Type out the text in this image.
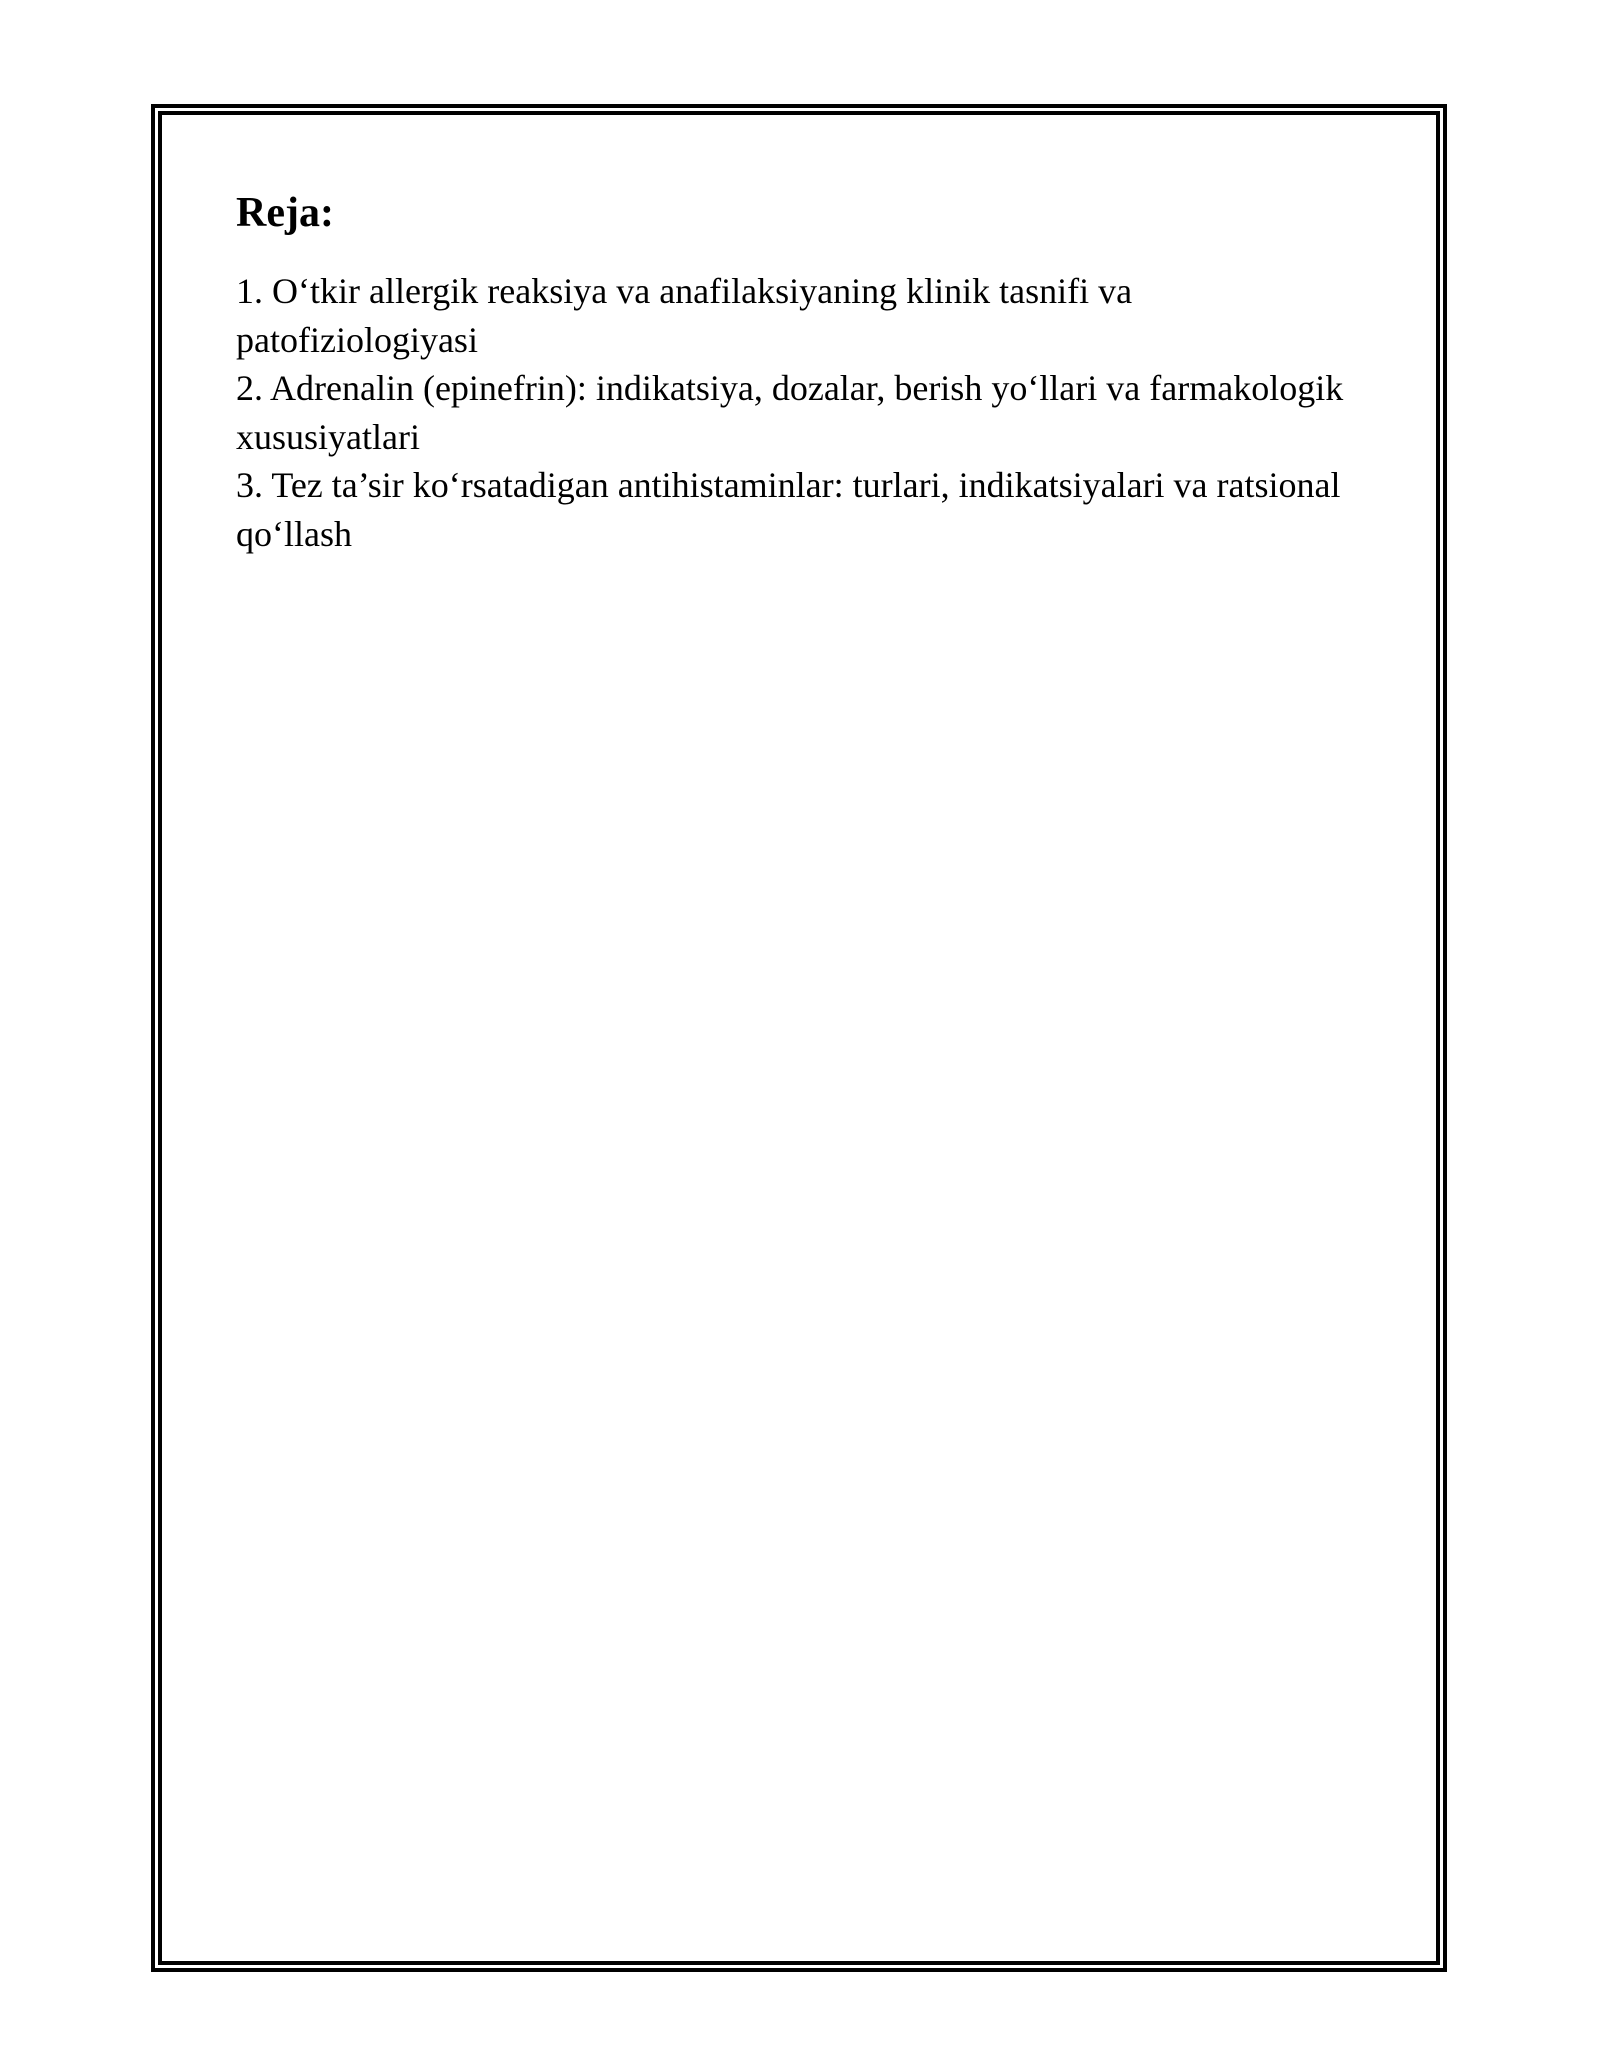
Reja:
1. O‘tkir allergik reaksiya va anafilaksiyaning klinik tasnifi va patofiziologiyasi
2. Adrenalin (epinefrin): indikatsiya, dozalar, berish yo‘llari va farmakologik xususiyatlari
3. Tez ta’sir ko‘rsatadigan antihistaminlar: turlari, indikatsiyalari va ratsional qo‘llash
